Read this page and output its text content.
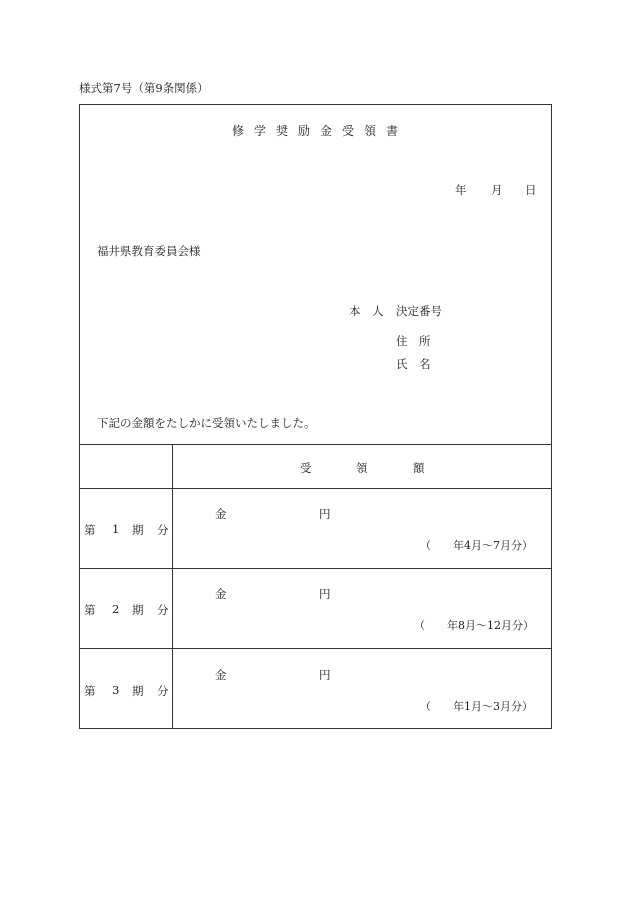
様式第7号（第9条関係）
修学奨励金受領書
年 月 日
福井県教育委員会様
本　人 決定番号
住　所
氏　名
下記の金額をたしかに受領いたしました。
受	領	額
第 1 期 分
金	円
（　　年4月～7月分）
第 2 期 分
金	円
（　　年8月～12月分）
第 3 期 分
金	円
（　　年1月～3月分）
